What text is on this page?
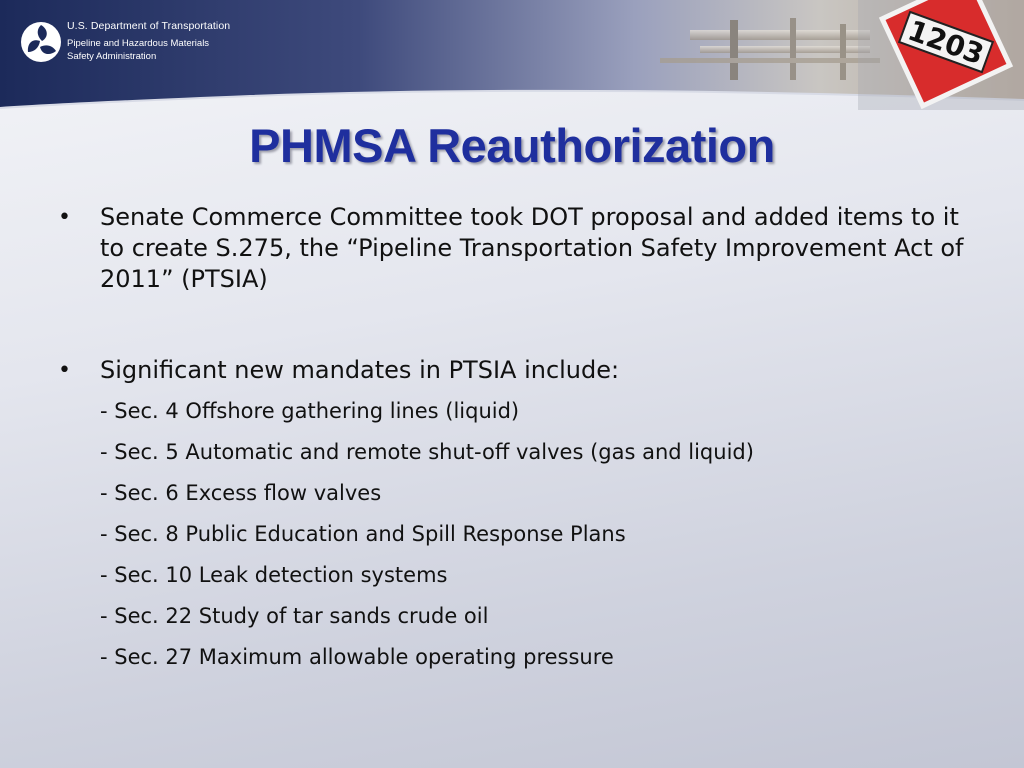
U.S. Department of Transportation
Pipeline and Hazardous Materials Safety Administration	1203
PHMSA Reauthorization
• Senate Commerce Committee took DOT proposal and added items to it to create S.275, the “Pipeline Transportation Safety Improvement Act of 2011” (PTSIA)
• Significant new mandates in PTSIA include:
- Sec. 4 Offshore gathering lines (liquid)
- Sec. 5 Automatic and remote shut-off valves (gas and liquid)
- Sec. 6 Excess flow valves
- Sec. 8 Public Education and Spill Response Plans
- Sec. 10 Leak detection systems
- Sec. 22 Study of tar sands crude oil
- Sec. 27 Maximum allowable operating pressure
